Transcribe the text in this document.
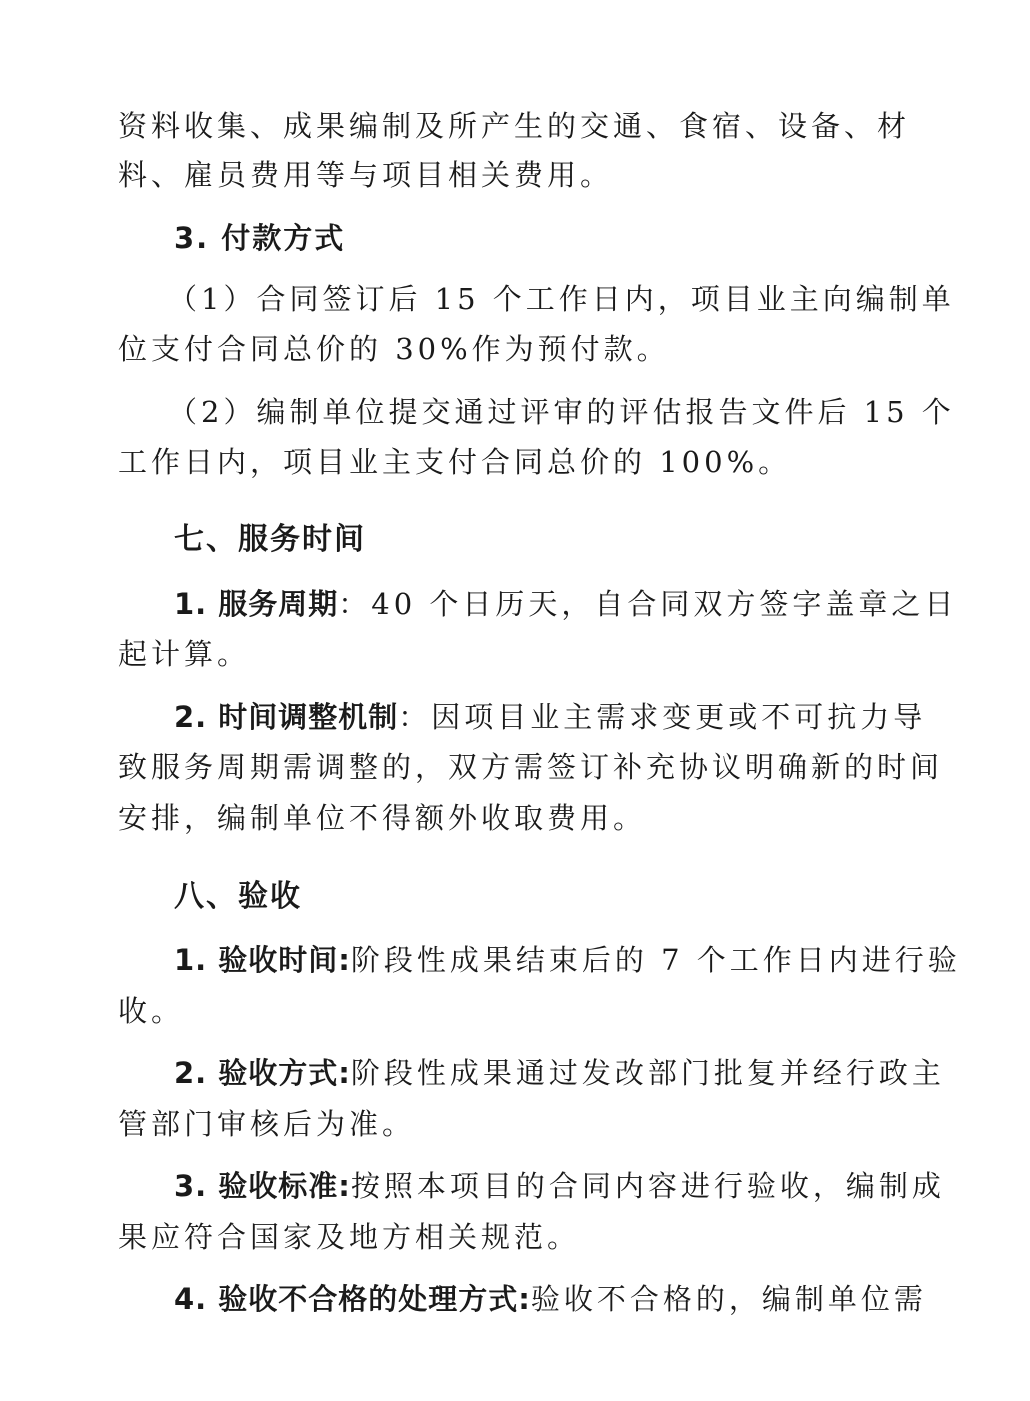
资料收集、成果编制及所产生的交通、食宿、设备、材
料、雇员费用等与项目相关费用。
3. 付款方式
（1）合同签订后 15 个工作日内，项目业主向编制单
位支付合同总价的 30%作为预付款。
（2）编制单位提交通过评审的评估报告文件后 15 个
工作日内，项目业主支付合同总价的 100%。
七、服务时间
1. 服务周期：40 个日历天，自合同双方签字盖章之日
起计算。
2. 时间调整机制：因项目业主需求变更或不可抗力导
致服务周期需调整的，双方需签订补充协议明确新的时间
安排，编制单位不得额外收取费用。
八、验收
1. 验收时间:阶段性成果结束后的 7 个工作日内进行验
收。
2. 验收方式:阶段性成果通过发改部门批复并经行政主
管部门审核后为准。
3. 验收标准:按照本项目的合同内容进行验收，编制成
果应符合国家及地方相关规范。
4. 验收不合格的处理方式:验收不合格的，编制单位需
